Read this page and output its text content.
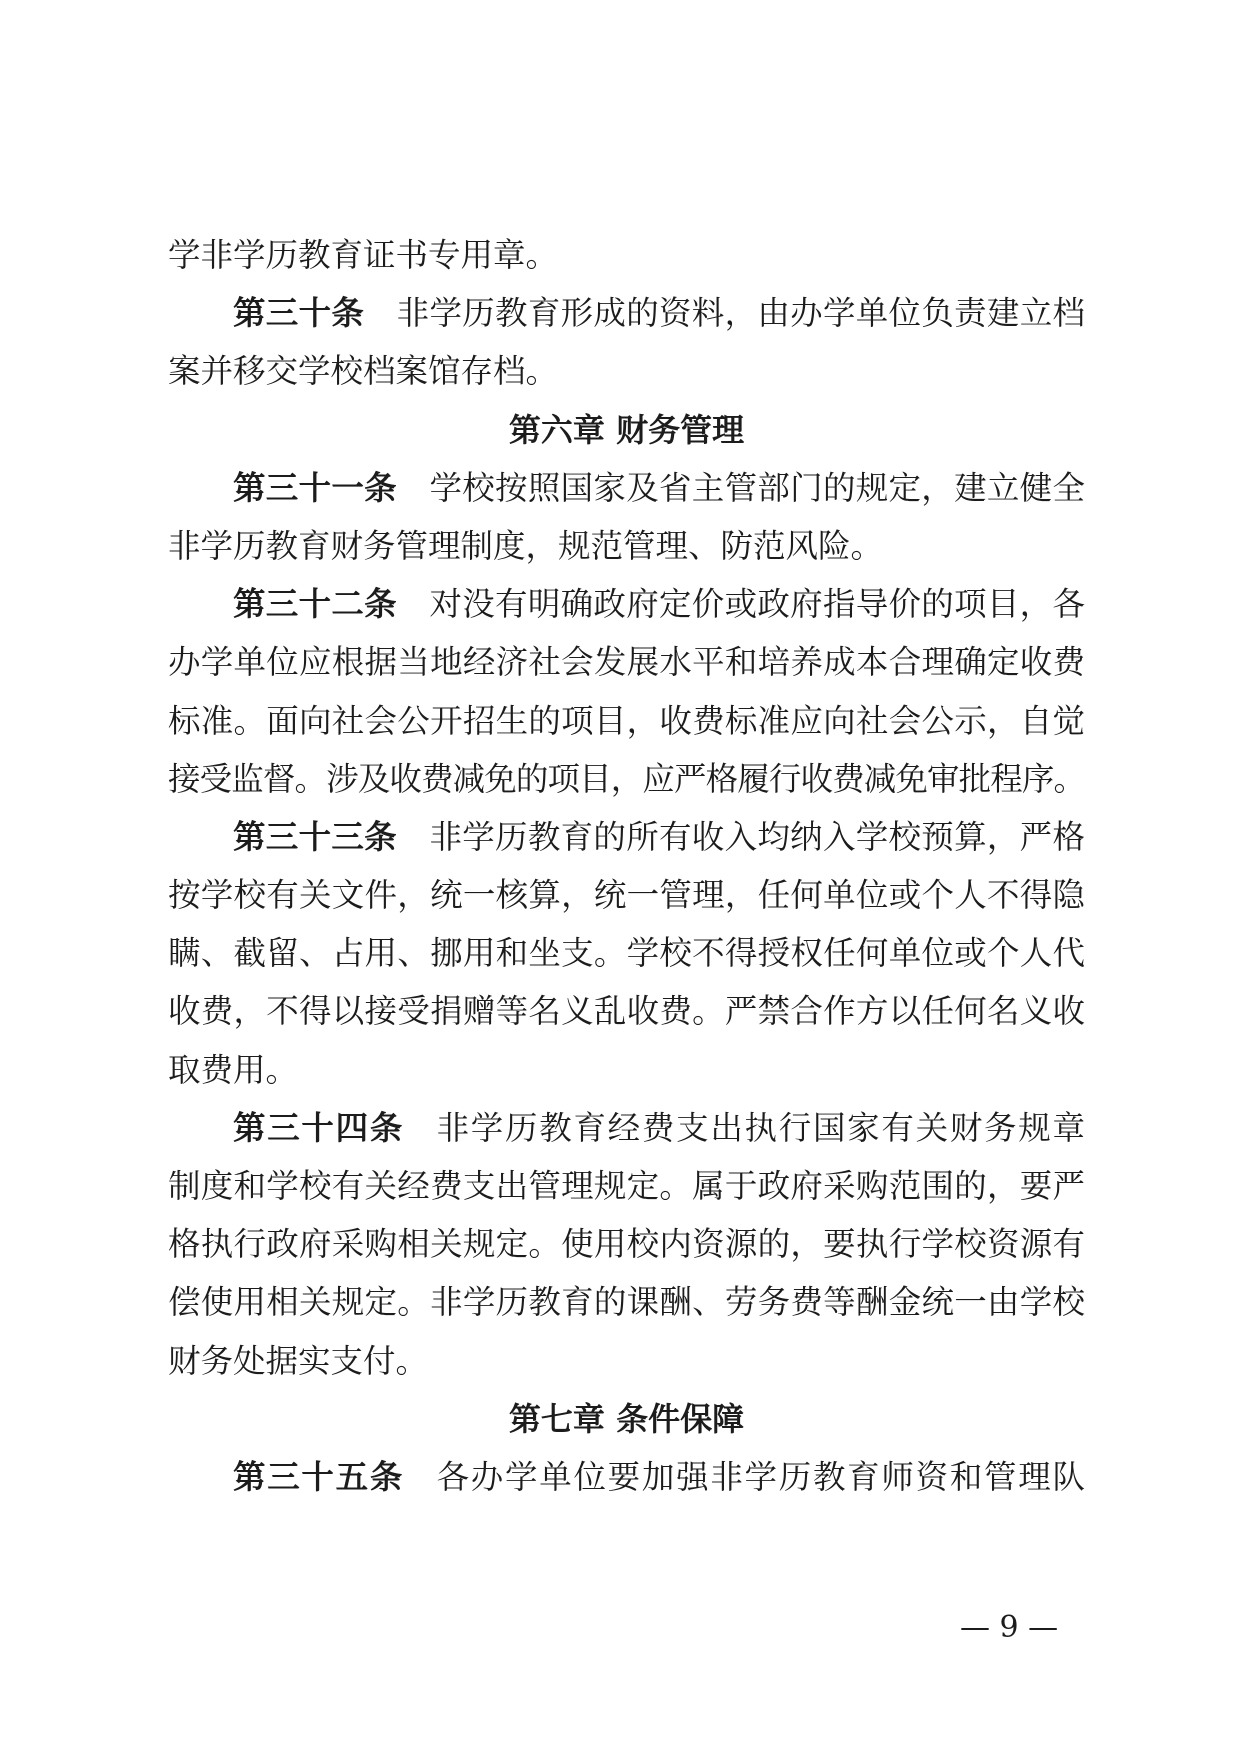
学非学历教育证书专用章。
第三十条 非学历教育形成的资料，由办学单位负责建立档
案并移交学校档案馆存档。
第六章 财务管理
第三十一条 学校按照国家及省主管部门的规定，建立健全
非学历教育财务管理制度，规范管理、防范风险。
第三十二条 对没有明确政府定价或政府指导价的项目，各
办学单位应根据当地经济社会发展水平和培养成本合理确定收费
标准。面向社会公开招生的项目，收费标准应向社会公示，自觉
接受监督。涉及收费减免的项目，应严格履行收费减免审批程序。
第三十三条 非学历教育的所有收入均纳入学校预算，严格
按学校有关文件，统一核算，统一管理，任何单位或个人不得隐
瞒、截留、占用、挪用和坐支。学校不得授权任何单位或个人代
收费，不得以接受捐赠等名义乱收费。严禁合作方以任何名义收
取费用。
第三十四条 非学历教育经费支出执行国家有关财务规章
制度和学校有关经费支出管理规定。属于政府采购范围的，要严
格执行政府采购相关规定。使用校内资源的，要执行学校资源有
偿使用相关规定。非学历教育的课酬、劳务费等酬金统一由学校
财务处据实支付。
第七章 条件保障
第三十五条 各办学单位要加强非学历教育师资和管理队
— 9 —
